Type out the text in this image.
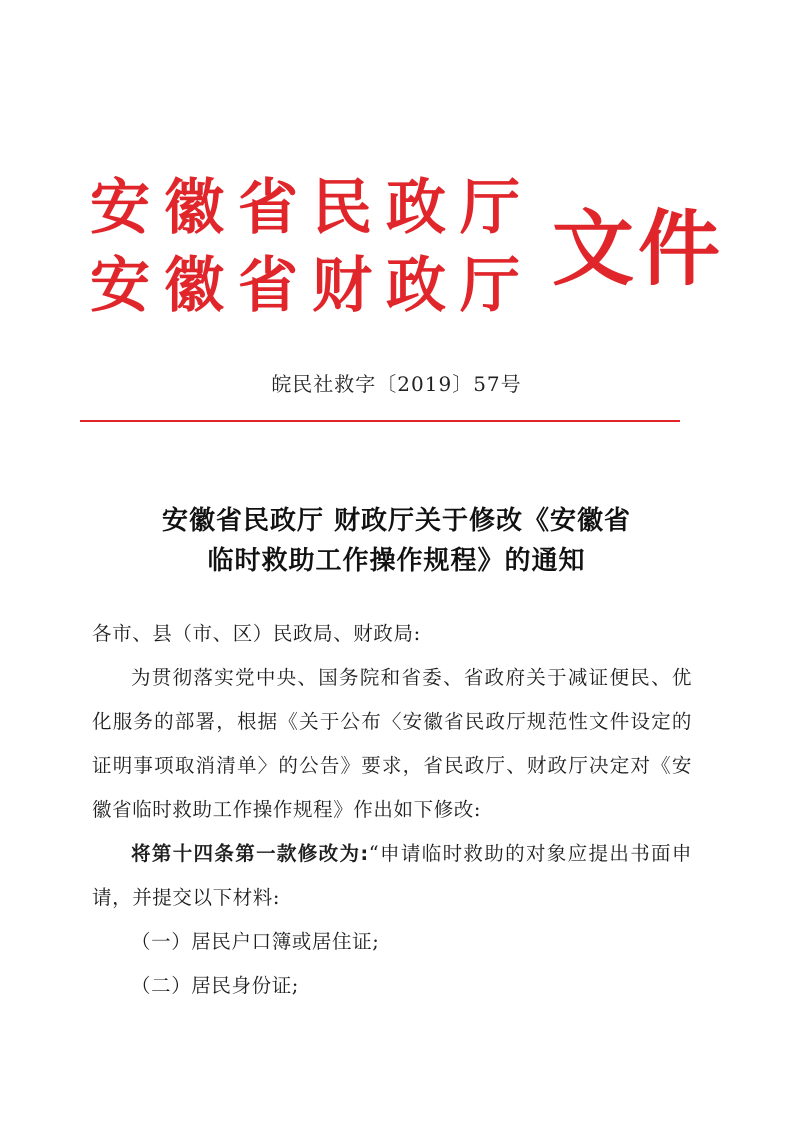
安徽省民政厅
安徽省财政厅 文件
皖民社救字〔2019〕57号
安徽省民政厅 财政厅关于修改《安徽省
临时救助工作操作规程》的通知

各市、县（市、区）民政局、财政局:

为贯彻落实党中央、国务院和省委、省政府关于减证便民、优化服务的部署，根据《关于公布〈安徽省民政厅规范性文件设定的证明事项取消清单〉的公告》要求，省民政厅、财政厅决定对《安徽省临时救助工作操作规程》作出如下修改:

将第十四条第一款修改为:“申请临时救助的对象应提出书面申请，并提交以下材料:

（一）居民户口簿或居住证;

（二）居民身份证;
